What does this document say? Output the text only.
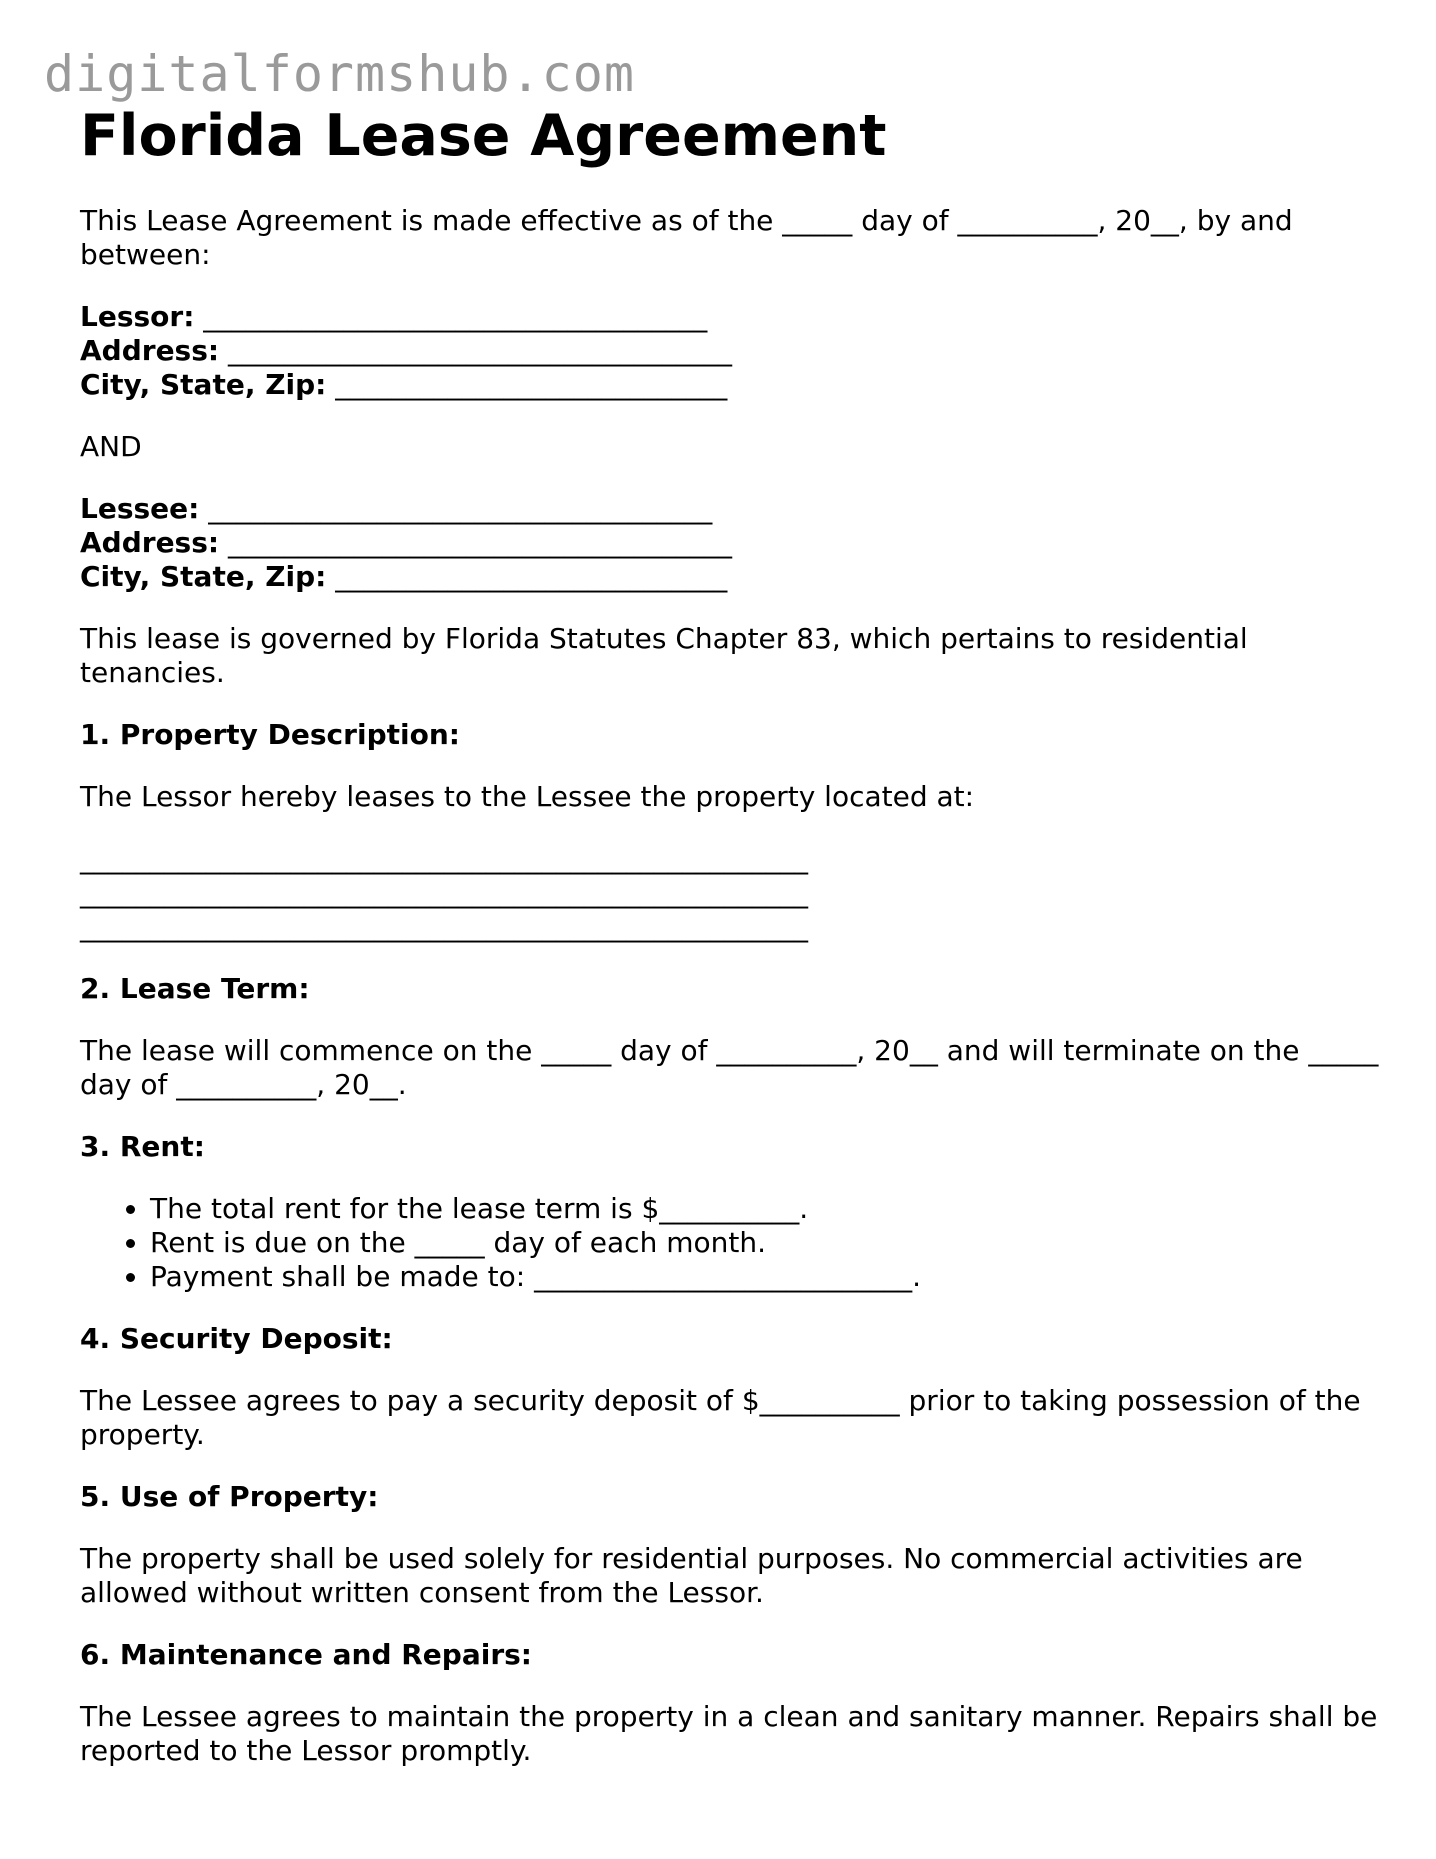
digitalformshub.com
Florida Lease Agreement

This Lease Agreement is made effective as of the _____ day of __________, 20__, by and between:

Lessor: ____________________________________
Address: ____________________________________
City, State, Zip: ____________________________

AND

Lessee: ____________________________________
Address: ____________________________________
City, State, Zip: ____________________________

This lease is governed by Florida Statutes Chapter 83, which pertains to residential tenancies.

1. Property Description:

The Lessor hereby leases to the Lessee the property located at:

____________________________________________________
____________________________________________________
____________________________________________________
2. Lease Term:

The lease will commence on the _____ day of __________, 20__ and will terminate on the _____ day of __________, 20__.

3. Rent:
• The total rent for the lease term is $__________.
• Rent is due on the _____ day of each month.
• Payment shall be made to: ___________________________.
4. Security Deposit:

The Lessee agrees to pay a security deposit of $__________ prior to taking possession of the property.

5. Use of Property:

The property shall be used solely for residential purposes. No commercial activities are allowed without written consent from the Lessor.

6. Maintenance and Repairs:

The Lessee agrees to maintain the property in a clean and sanitary manner. Repairs shall be reported to the Lessor promptly.
